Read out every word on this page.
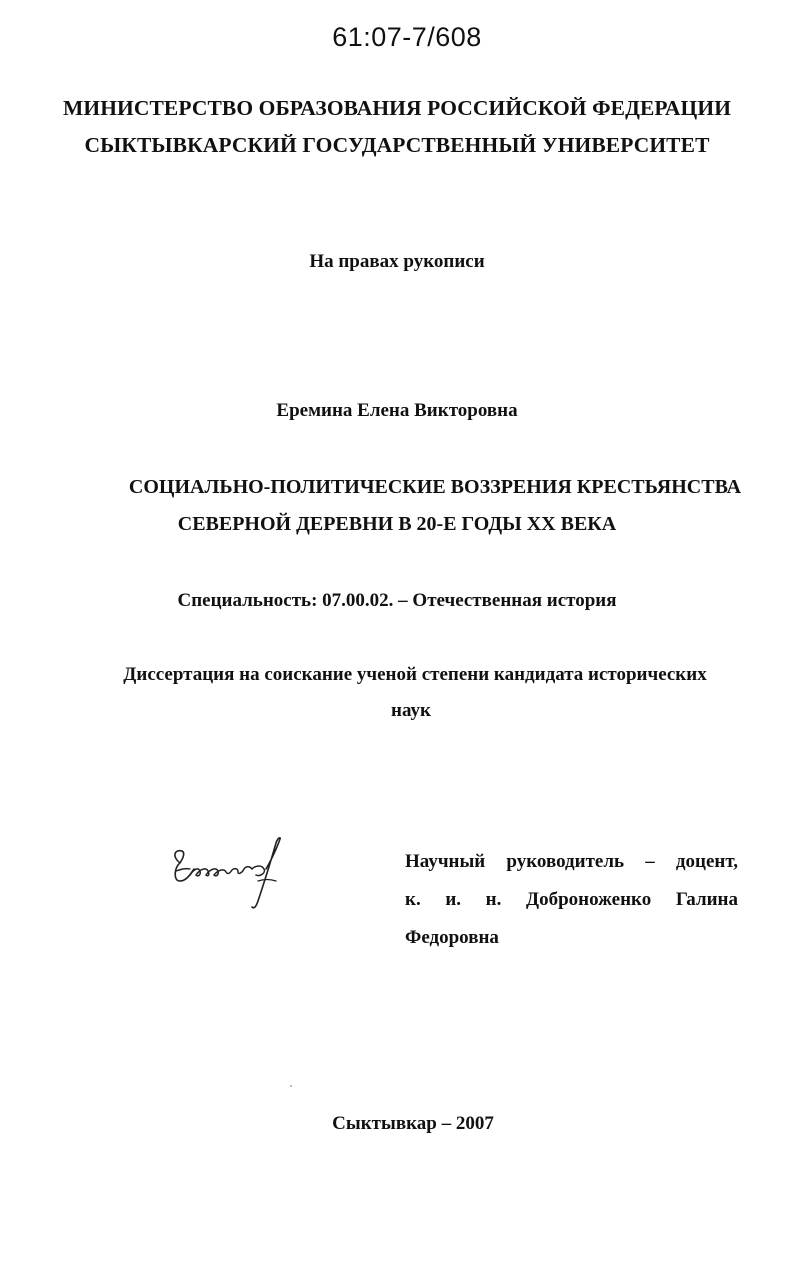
61:07-7/608
МИНИСТЕРСТВО ОБРАЗОВАНИЯ РОССИЙСКОЙ ФЕДЕРАЦИИ
СЫКТЫВКАРСКИЙ ГОСУДАРСТВЕННЫЙ УНИВЕРСИТЕТ
На правах рукописи
Еремина Елена Викторовна
СОЦИАЛЬНО-ПОЛИТИЧЕСКИЕ ВОЗЗРЕНИЯ КРЕСТЬЯНСТВА
СЕВЕРНОЙ ДЕРЕВНИ В 20-Е ГОДЫ XX ВЕКА
Специальность: 07.00.02. – Отечественная история
Диссертация на соискание ученой степени кандидата исторических
наук
Научный руководитель – доцент,
к. и. н. Доброноженко Галина
Федоровна
Сыктывкар – 2007
